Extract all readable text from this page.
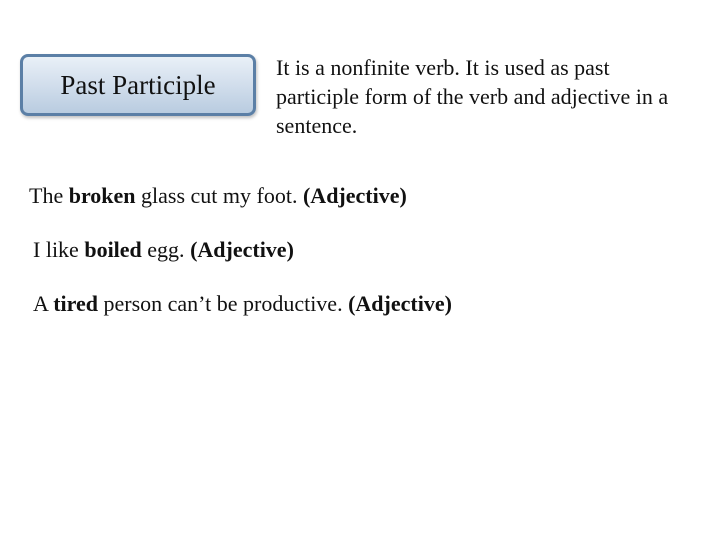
Past Participle
It is a nonfinite verb. It is used as past participle form of the verb and adjective in a sentence.
The broken glass cut my foot. (Adjective)
I like boiled egg. (Adjective)
A tired person can’t be productive. (Adjective)
